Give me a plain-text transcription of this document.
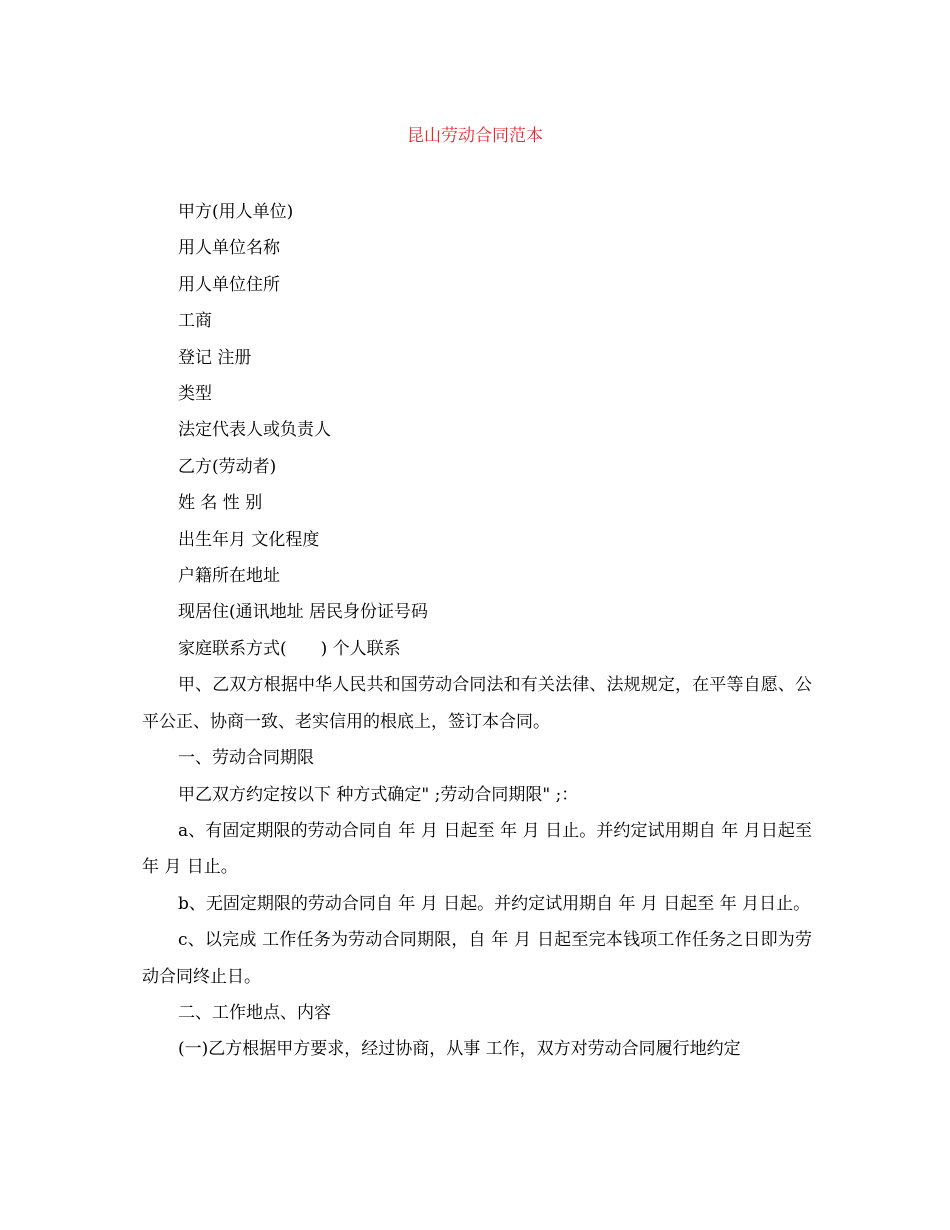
昆山劳动合同范本

甲方(用人单位)

用人单位名称

用人单位住所

工商

登记 注册

类型

法定代表人或负责人

乙方(劳动者)

姓 名 性 别

出生年月 文化程度

户籍所在地址

现居住(通讯地址 居民身份证号码

家庭联系方式(　　) 个人联系

甲、乙双方根据中华人民共和国劳动合同法和有关法律、法规规定，在平等自愿、公平公正、协商一致、老实信用的根底上，签订本合同。

一、劳动合同期限

甲乙双方约定按以下 种方式确定" ;劳动合同期限" ;：

a、有固定期限的劳动合同自 年 月 日起至 年 月 日止。并约定试用期自 年 月日起至 年 月 日止。

b、无固定期限的劳动合同自 年 月 日起。并约定试用期自 年 月 日起至 年 月日止。

c、以完成 工作任务为劳动合同期限，自 年 月 日起至完本钱项工作任务之日即为劳动合同终止日。

二、工作地点、内容

(一)乙方根据甲方要求，经过协商，从事 工作，双方对劳动合同履行地约定
